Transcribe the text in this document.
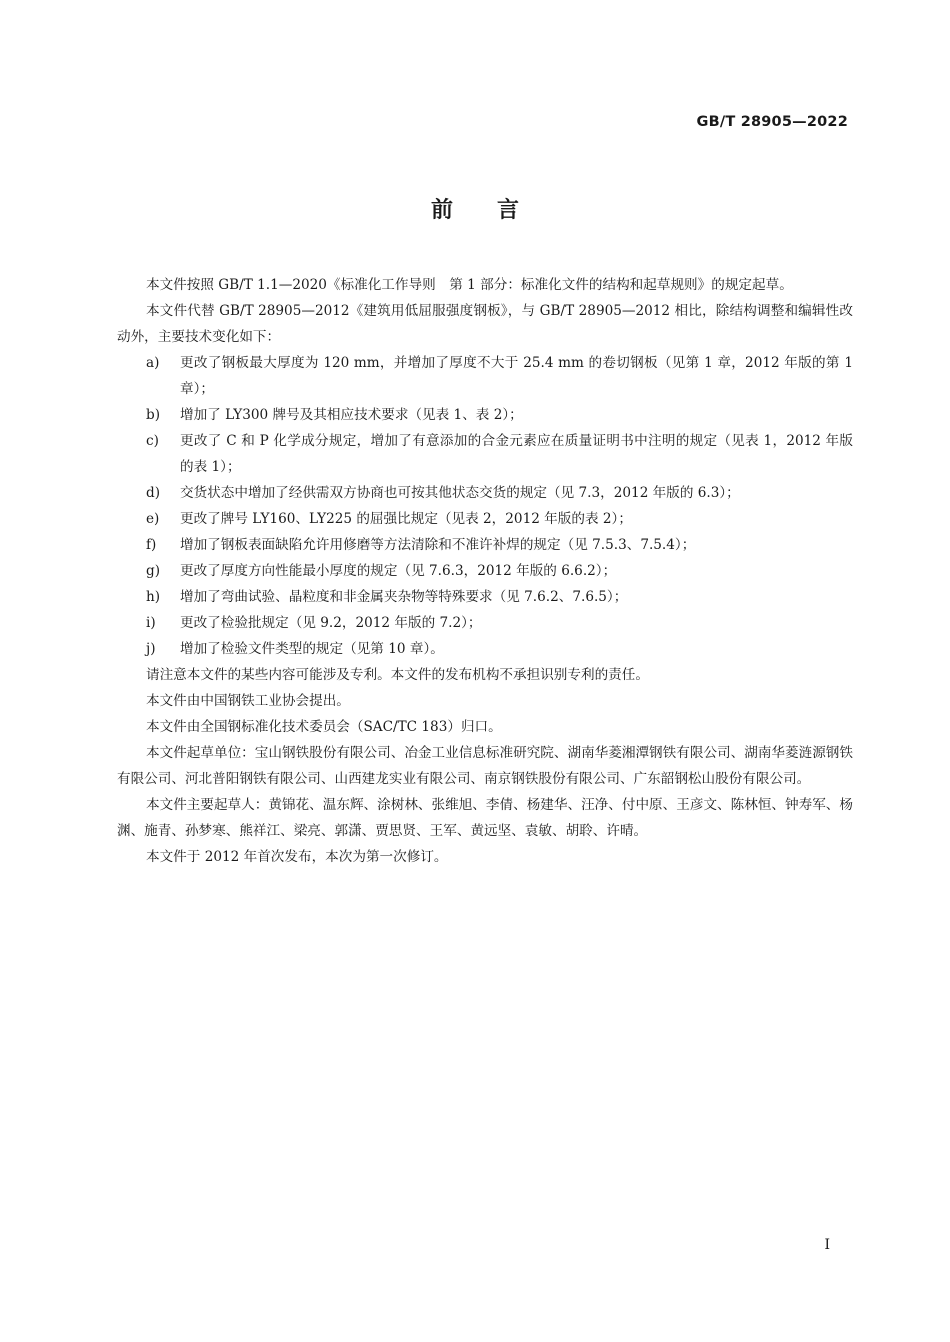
GB/T 28905—2022
前言

本文件按照 GB/T 1.1—2020《标准化工作导则　第 1 部分：标准化文件的结构和起草规则》的规定起草。

本文件代替 GB/T 28905—2012《建筑用低屈服强度钢板》，与 GB/T 28905—2012 相比，除结构调整和编辑性改动外，主要技术变化如下：

a)	更改了钢板最大厚度为 120 mm，并增加了厚度不大于 25.4 mm 的卷切钢板（见第 1 章，2012 年版的第 1 章）；
b)	增加了 LY300 牌号及其相应技术要求（见表 1、表 2）；
c)	更改了 C 和 P 化学成分规定，增加了有意添加的合金元素应在质量证明书中注明的规定（见表 1，2012 年版的表 1）；
d)	交货状态中增加了经供需双方协商也可按其他状态交货的规定（见 7.3，2012 年版的 6.3）；
e)	更改了牌号 LY160、LY225 的屈强比规定（见表 2，2012 年版的表 2）；
f)	增加了钢板表面缺陷允许用修磨等方法清除和不准许补焊的规定（见 7.5.3、7.5.4）；
g)	更改了厚度方向性能最小厚度的规定（见 7.6.3，2012 年版的 6.6.2）；
h)	增加了弯曲试验、晶粒度和非金属夹杂物等特殊要求（见 7.6.2、7.6.5）；
i)	更改了检验批规定（见 9.2，2012 年版的 7.2）；
j)	增加了检验文件类型的规定（见第 10 章）。

请注意本文件的某些内容可能涉及专利。本文件的发布机构不承担识别专利的责任。

本文件由中国钢铁工业协会提出。

本文件由全国钢标准化技术委员会（SAC/TC 183）归口。

本文件起草单位：宝山钢铁股份有限公司、冶金工业信息标准研究院、湖南华菱湘潭钢铁有限公司、湖南华菱涟源钢铁有限公司、河北普阳钢铁有限公司、山西建龙实业有限公司、南京钢铁股份有限公司、广东韶钢松山股份有限公司。

本文件主要起草人：黄锦花、温东辉、涂树林、张维旭、李倩、杨建华、汪净、付中原、王彦文、陈林恒、钟寿军、杨渊、施青、孙梦寒、熊祥江、梁亮、郭潇、贾思贤、王军、黄远坚、袁敏、胡聆、许晴。

本文件于 2012 年首次发布，本次为第一次修订。

I
